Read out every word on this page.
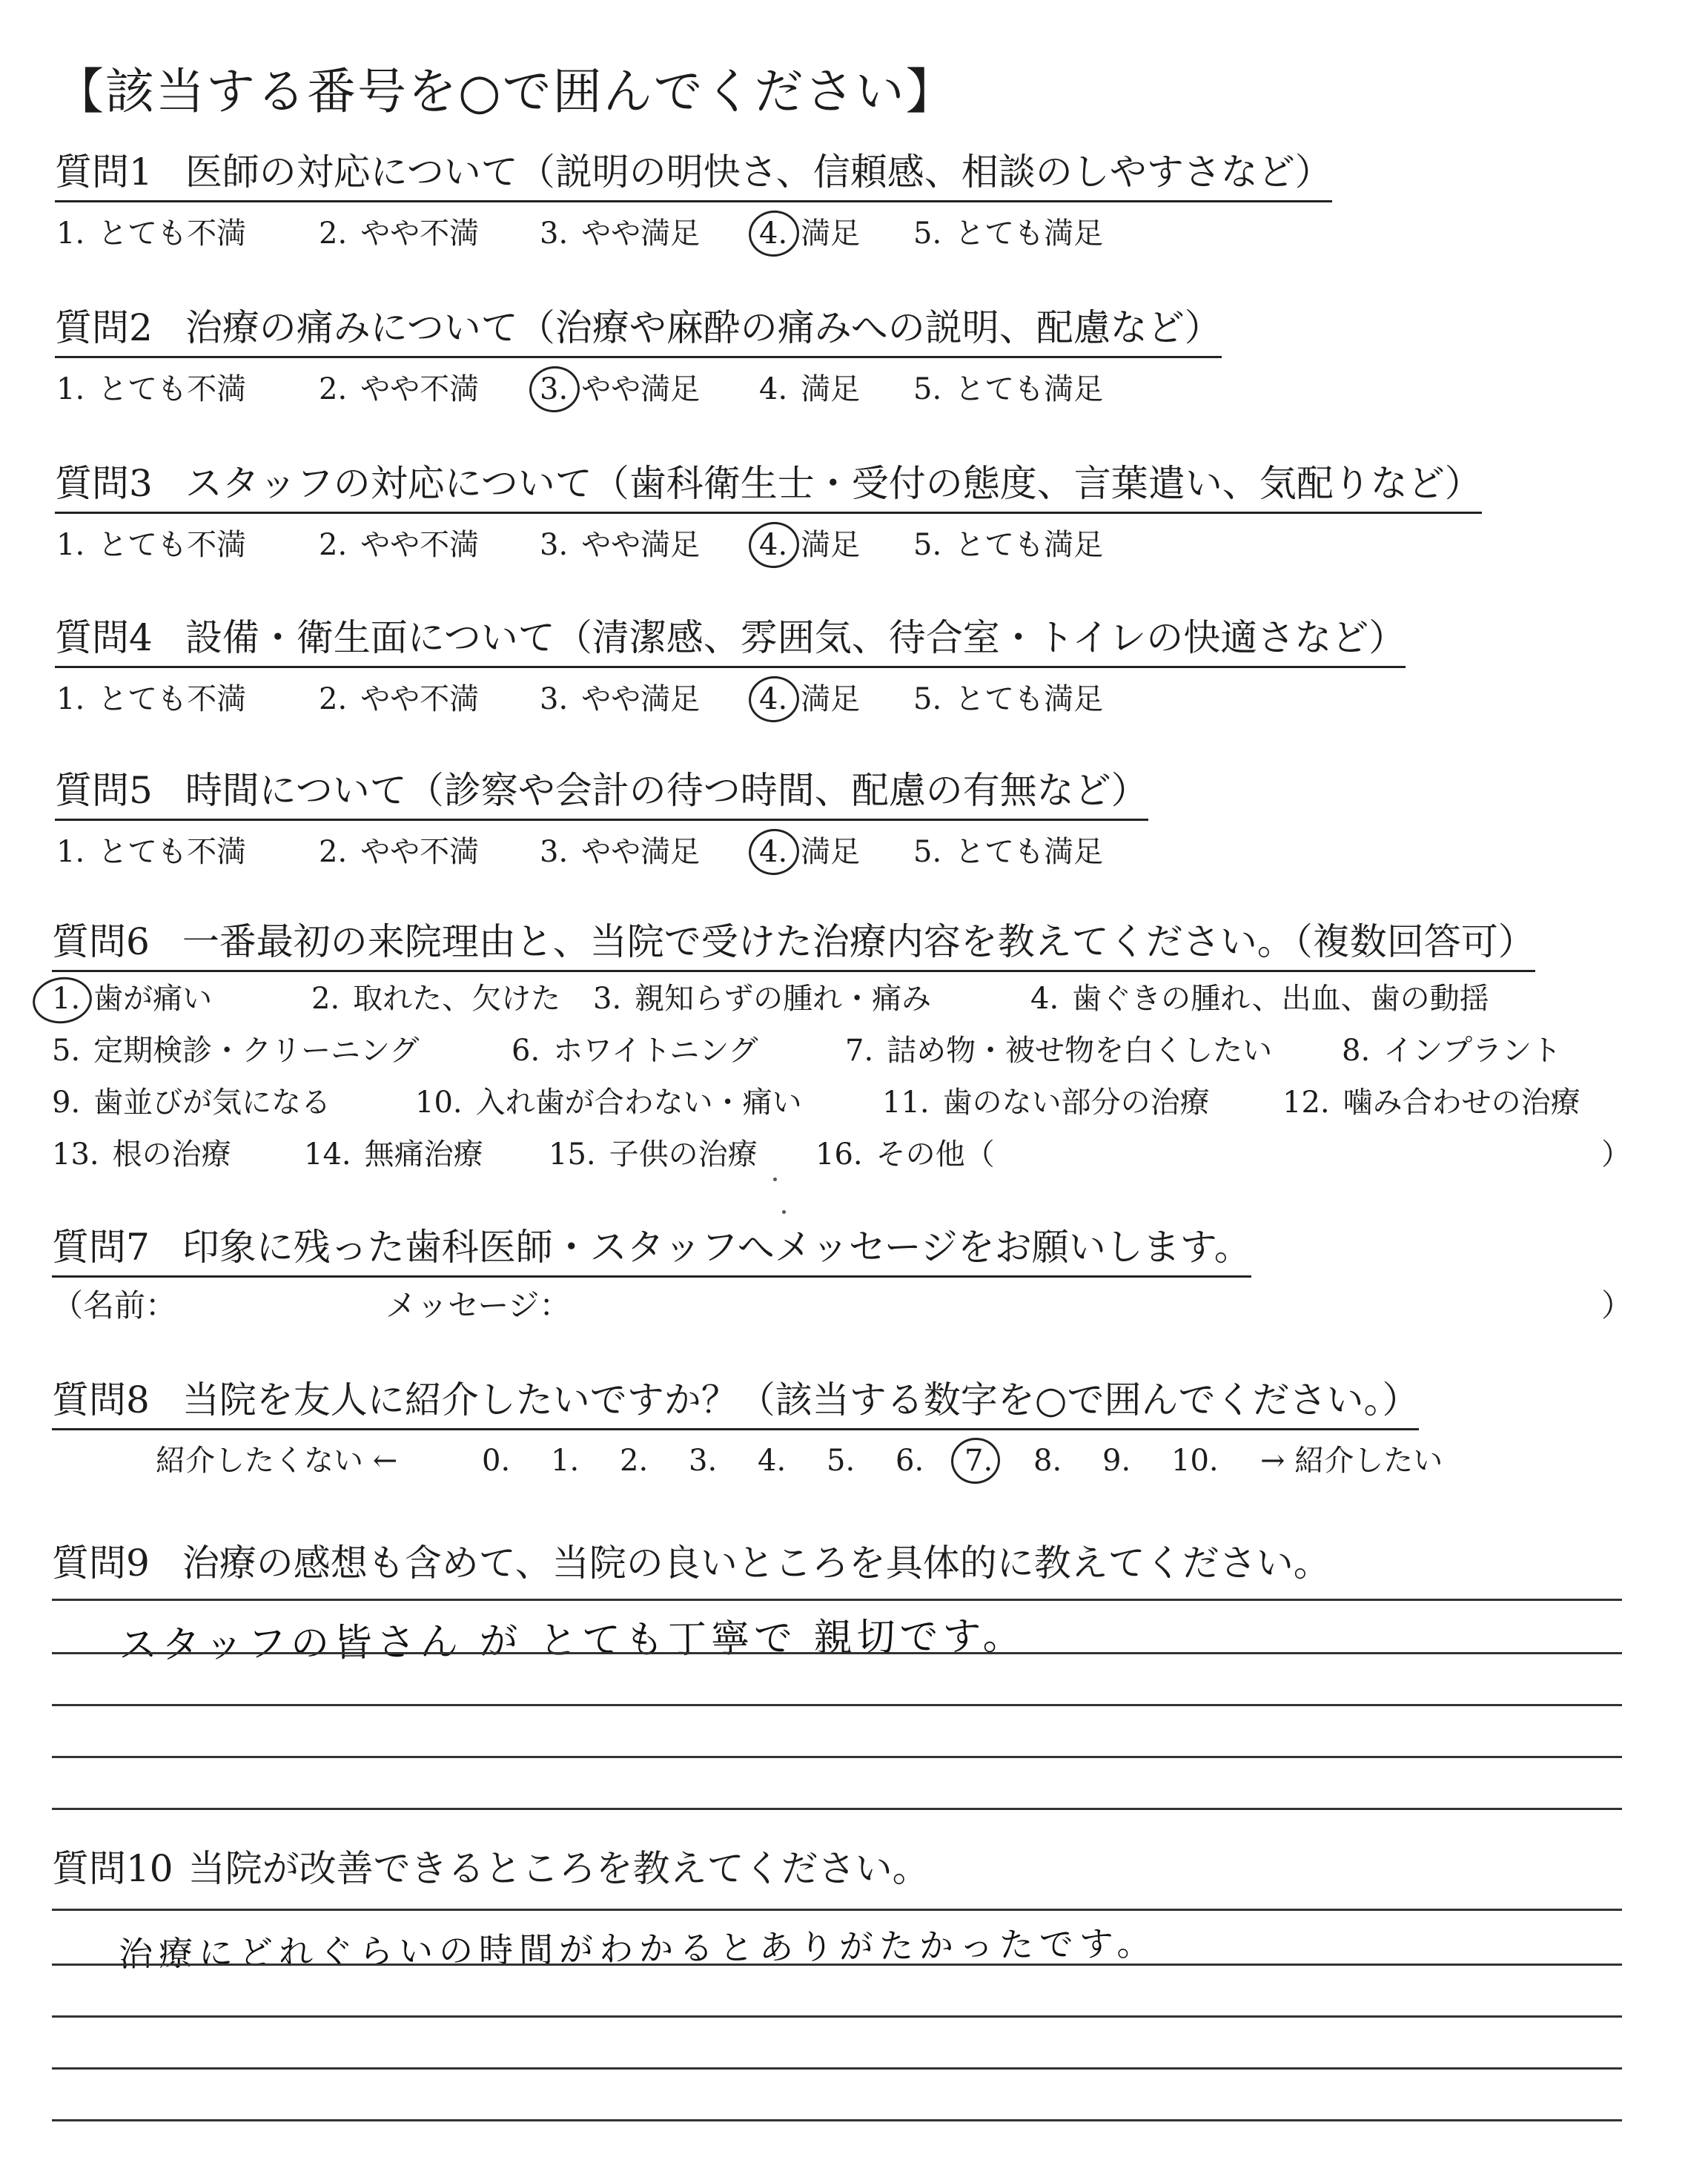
【該当する番号を○で囲んでください】
質問1 医師の対応について（説明の明快さ、信頼感、相談のしやすさなど）
1. とても不満 2. やや不満 3. やや満足 4. 満足 5. とても満足
質問2 治療の痛みについて（治療や麻酔の痛みへの説明、配慮など）
1. とても不満 2. やや不満 3. やや満足 4. 満足 5. とても満足
質問3 スタッフの対応について（歯科衛生士・受付の態度、言葉遣い、気配りなど）
1. とても不満 2. やや不満 3. やや満足 4. 満足 5. とても満足
質問4 設備・衛生面について（清潔感、雰囲気、待合室・トイレの快適さなど）
1. とても不満 2. やや不満 3. やや満足 4. 満足 5. とても満足
質問5 時間について（診察や会計の待つ時間、配慮の有無など）
1. とても不満 2. やや不満 3. やや満足 4. 満足 5. とても満足
質問6 一番最初の来院理由と、当院で受けた治療内容を教えてください。（複数回答可）
1. 歯が痛い	2. 取れた、欠けた 3. 親知らずの腫れ・痛み	4. 歯ぐきの腫れ、出血、歯の動揺
5. 定期検診・クリーニング	6. ホワイトニング	7. 詰め物・被せ物を白くしたい 8. インプラント
9. 歯並びが気になる	10. 入れ歯が合わない・痛い	11. 歯のない部分の治療 12. 噛み合わせの治療
13. 根の治療 14. 無痛治療 15. 子供の治療 16. その他（	）
質問7 印象に残った歯科医師・スタッフへメッセージをお願いします。
（名前：	メッセージ：	）
質問8 当院を友人に紹介したいですか？（該当する数字を○で囲んでください。）
紹介したくない ←	→ 紹介したい
0. 1. 2. 3. 4. 5. 6. 7. 8. 9. 10.
質問9 治療の感想も含めて、当院の良いところを具体的に教えてください。
スタッフの皆さん が とても丁寧で 親切です。
質問10 当院が改善できるところを教えてください。
治療にどれぐらいの時間がわかるとありがたかったです。
